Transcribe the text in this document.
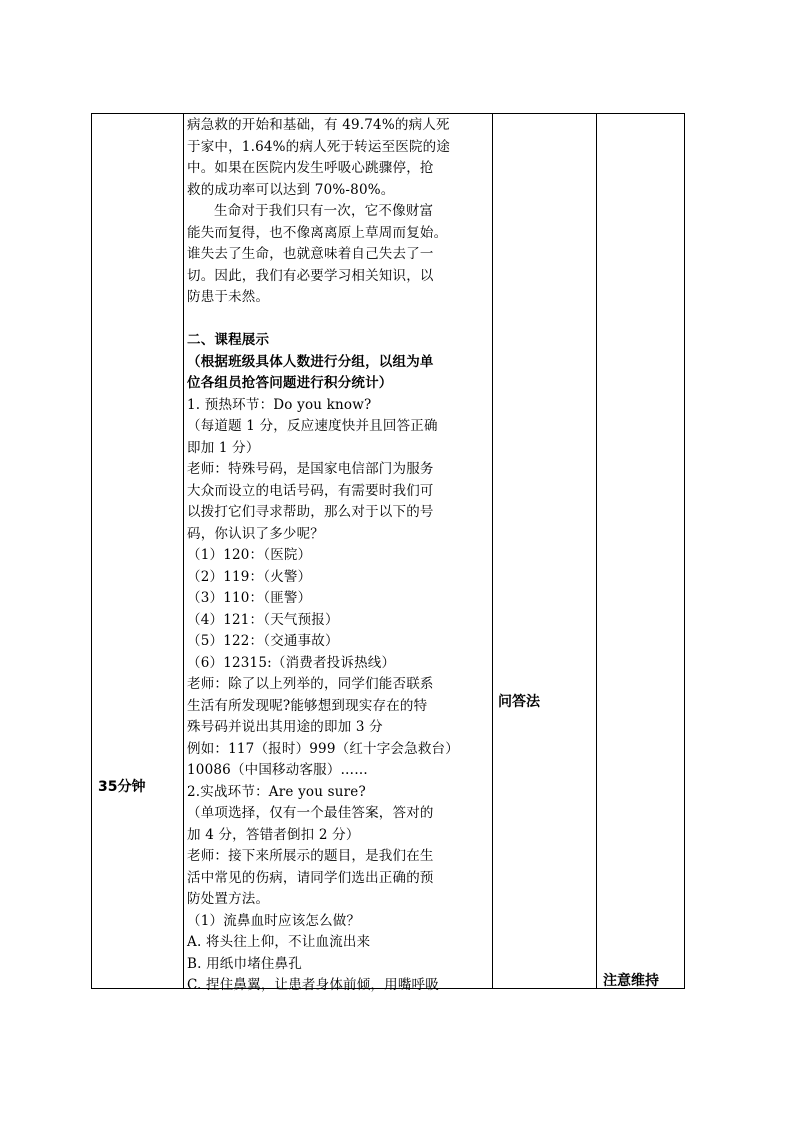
35分钟
病急救的开始和基础，有 49.74%的病人死
于家中，1.64%的病人死于转运至医院的途
中。如果在医院内发生呼吸心跳骤停，抢
救的成功率可以达到 70%-80%。
生命对于我们只有一次，它不像财富
能失而复得，也不像离离原上草周而复始。
谁失去了生命，也就意味着自己失去了一
切。因此，我们有必要学习相关知识，以
防患于未然。
二、课程展示
（根据班级具体人数进行分组，以组为单
位各组员抢答问题进行积分统计）
1. 预热环节：Do you know?
（每道题 1 分，反应速度快并且回答正确
即加 1 分）
老师：特殊号码，是国家电信部门为服务
大众而设立的电话号码，有需要时我们可
以拨打它们寻求帮助，那么对于以下的号
码，你认识了多少呢？
（1）120：（医院）
（2）119：（火警）
（3）110：（匪警）
（4）121：（天气预报）
（5）122：（交通事故）
（6）12315:（消费者投诉热线）
老师：除了以上列举的，同学们能否联系
生活有所发现呢?能够想到现实存在的特
殊号码并说出其用途的即加 3 分
例如：117（报时）999（红十字会急救台）
10086（中国移动客服）……
2.实战环节：Are you sure?
（单项选择，仅有一个最佳答案，答对的
加 4 分，答错者倒扣 2 分）
老师：接下来所展示的题目，是我们在生
活中常见的伤病，请同学们选出正确的预
防处置方法。
（1）流鼻血时应该怎么做？
A. 将头往上仰，不让血流出来
B. 用纸巾堵住鼻孔
C. 捏住鼻翼，让患者身体前倾，用嘴呼吸
问答法
注意维持
